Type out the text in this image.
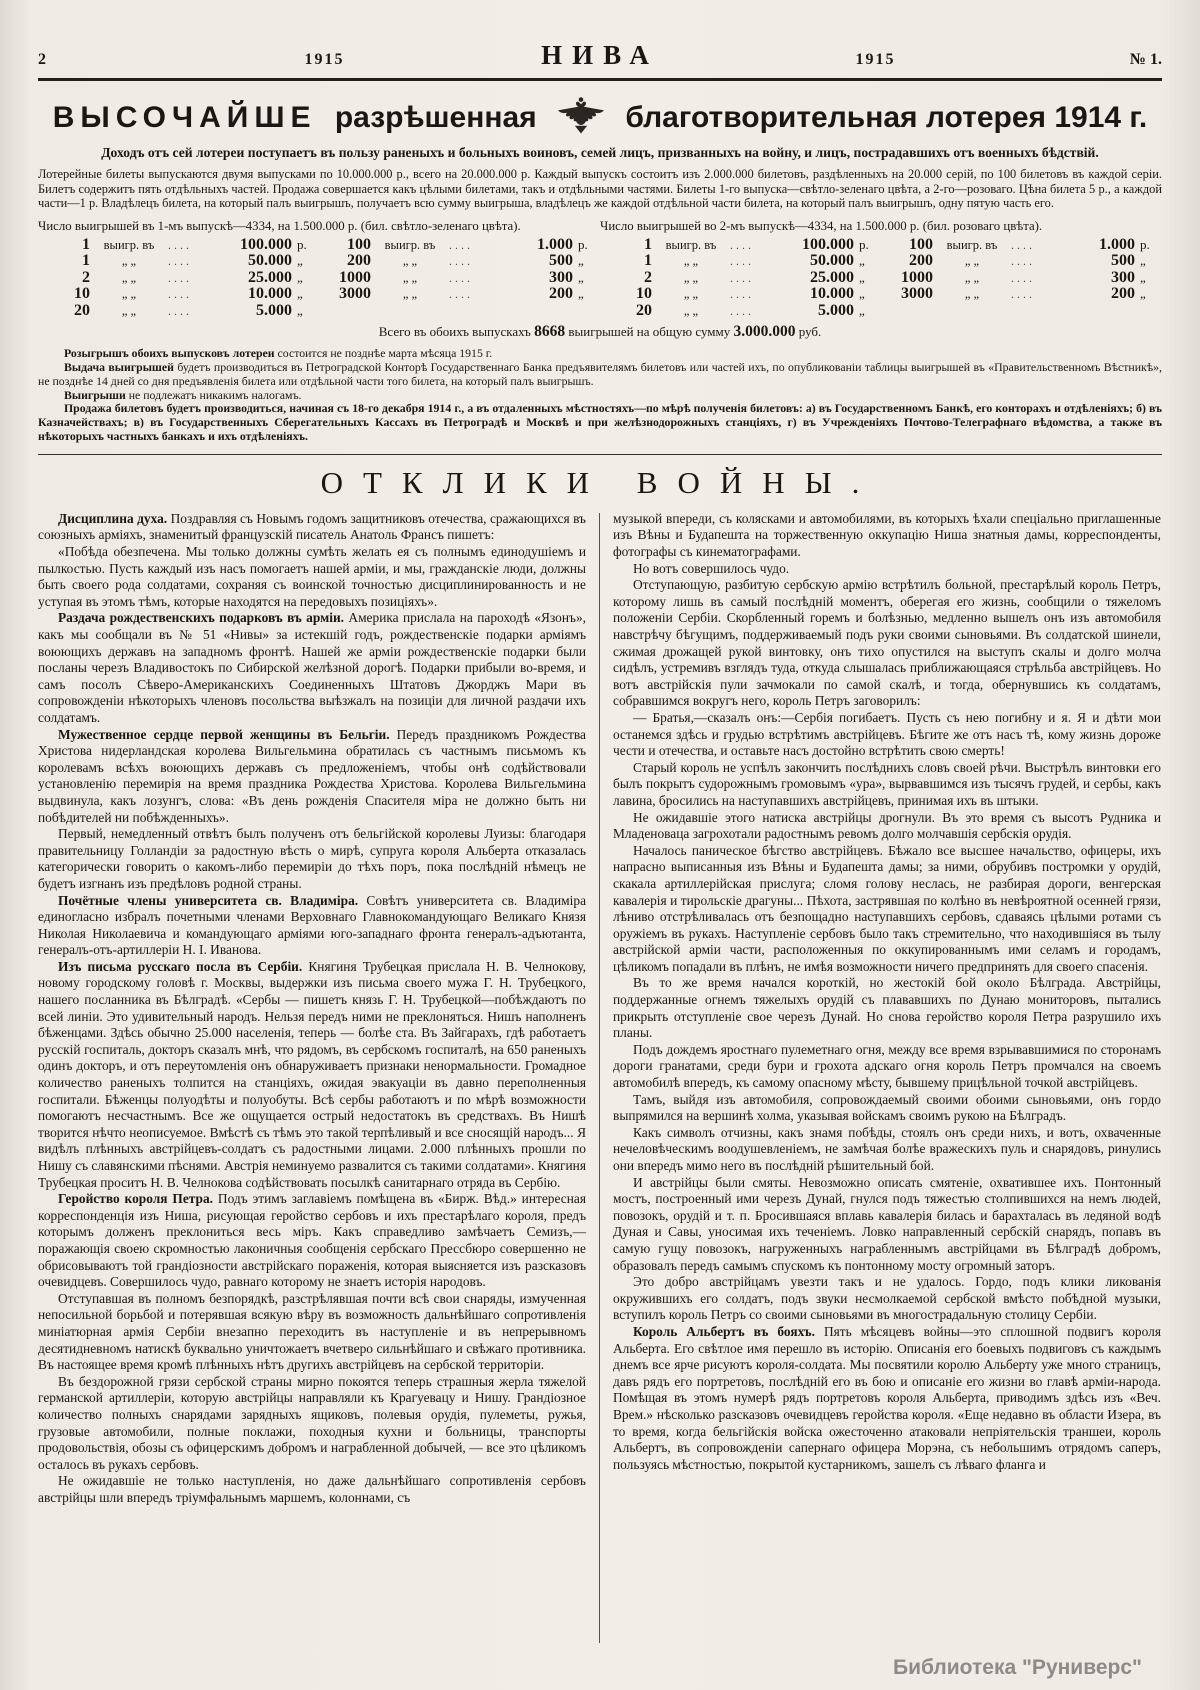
2	1915	НИВА	1915	№ 1.
ВЫСОЧАЙШЕ разрѣшенная	благотворительная лотерея 1914 г.

Доходъ отъ сей лотереи поступаетъ въ пользу раненыхъ и больныхъ воиновъ, семей лицъ, призванныхъ на войну, и лицъ, пострадавшихъ отъ военныхъ бѣдствій.

Лотерейные билеты выпускаются двумя выпусками по 10.000.000 р., всего на 20.000.000 р. Каждый выпускъ состоитъ изъ 2.000.000 билетовъ, раздѣленныхъ на 20.000 серій, по 100 билетовъ въ каждой серіи. Билетъ содержитъ пять отдѣльныхъ частей. Продажа совершается какъ цѣлыми билетами, такъ и отдѣльными частями. Билеты 1-го выпуска—свѣтло-зеленаго цвѣта, а 2-го—розоваго. Цѣна билета 5 р., а каждой части—1 р. Владѣлецъ билета, на который палъ выигрышъ, получаетъ всю сумму выигрыша, владѣлецъ же каждой отдѣльной части билета, на который палъ выигрышъ, одну пятую часть его.

Число выигрышей въ 1-мъ выпускѣ—4334, на 1.500.000 р. (бил. свѣтло-зеленаго цвѣта).	Число выигрышей во 2-мъ выпускѣ—4334, на 1.500.000 р. (бил. розоваго цвѣта).
1	выигр. въ	. . . .	100.000 р.
1	„ „	. . . .	50.000 „
2	„ „	. . . .	25.000 „
10	„ „	. . . .	10.000 „
20	„ „	. . . .	5.000 „
100	выигр. въ	. . . .	1.000 р.
200	„ „	. . . .	500 „
1000	„ „	. . . .	300 „
3000	„ „	. . . .	200 „
1	выигр. въ	. . . .	100.000 р.
1	„ „	. . . .	50.000 „
2	„ „	. . . .	25.000 „
10	„ „	. . . .	10.000 „
20	„ „	. . . .	5.000 „
100	выигр. въ	. . . .	1.000 р.
200	„ „	. . . .	500 „
1000	„ „	. . . .	300 „
3000	„ „	. . . .	200 „

Всего въ обоихъ выпускахъ 8668 выигрышей на общую сумму 3.000.000 руб.

Розыгрышъ обоихъ выпусковъ лотереи состоится не позднѣе марта мѣсяца 1915 г.

Выдача выигрышей будетъ производиться въ Петроградской Конторѣ Государственнаго Банка предъявителямъ билетовъ или частей ихъ, по опубликованіи таблицы выигрышей въ «Правительственномъ Вѣстникѣ», не позднѣе 14 дней со дня предъявленія билета или отдѣльной части того билета, на который палъ выигрышъ.

Выигрыши не подлежатъ никакимъ налогамъ.

Продажа билетовъ будетъ производиться, начиная съ 18-го декабря 1914 г., а въ отдаленныхъ мѣстностяхъ—по мѣрѣ полученія билетовъ: а) въ Государственномъ Банкѣ, его конторахъ и отдѣленіяхъ; б) въ Казначействахъ; в) въ Государственныхъ Сберегательныхъ Кассахъ въ Петроградѣ и Москвѣ и при желѣзнодорожныхъ станціяхъ, г) въ Учрежденіяхъ Почтово-Телеграфнаго вѣдомства, а также въ нѣкоторыхъ частныхъ банкахъ и ихъ отдѣленіяхъ.

ОТКЛИКИ ВОЙНЫ.

Дисциплина духа. Поздравляя съ Новымъ годомъ защитниковъ отечества, сражающихся въ союзныхъ арміяхъ, знаменитый французскій писатель Анатоль Франсъ пишетъ:

«Побѣда обезпечена. Мы только должны сумѣть желать ея съ полнымъ единодушіемъ и пылкостью. Пусть каждый изъ насъ помогаетъ нашей арміи, и мы, гражданскіе люди, должны быть своего рода солдатами, сохраняя съ воинской точностью дисциплинированность и не уступая въ этомъ тѣмъ, которые находятся на передовыхъ позиціяхъ».

Раздача рождественскихъ подарковъ въ арміи. Америка прислала на пароходѣ «Язонъ», какъ мы сообщали въ № 51 «Нивы» за истекшій годъ, рождественскіе подарки арміямъ воюющихъ державъ на западномъ фронтѣ. Нашей же арміи рождественскіе подарки были посланы черезъ Владивостокъ по Сибирской желѣзной дорогѣ. Подарки прибыли во-время, и самъ посолъ Сѣверо-Американскихъ Соединенныхъ Штатовъ Джорджъ Мари въ сопровожденіи нѣкоторыхъ членовъ посольства выѣзжалъ на позиціи для личной раздачи ихъ солдатамъ.

Мужественное сердце первой женщины въ Бельгіи. Передъ праздникомъ Рождества Христова нидерландская королева Вильгельмина обратилась съ частнымъ письмомъ къ королевамъ всѣхъ воюющихъ державъ съ предложеніемъ, чтобы онѣ содѣйствовали установленію перемирія на время праздника Рождества Христова. Королева Вильгельмина выдвинула, какъ лозунгъ, слова: «Въ день рожденія Спасителя міра не должно быть ни побѣдителей ни побѣжденныхъ».

Первый, немедленный отвѣтъ былъ полученъ отъ бельгійской королевы Луизы: благодаря правительницу Голландіи за радостную вѣсть о мирѣ, супруга короля Альберта отказалась категорически говорить о какомъ-либо перемиріи до тѣхъ поръ, пока послѣдній нѣмецъ не будетъ изгнанъ изъ предѣловъ родной страны.

Почётные члены университета св. Владиміра. Совѣтъ университета св. Владиміра единогласно избралъ почетными членами Верховнаго Главнокомандующаго Великаго Князя Николая Николаевича и командующаго арміями юго-западнаго фронта генералъ-адъютанта, генералъ-отъ-артиллеріи Н. І. Иванова.

Изъ письма русскаго посла въ Сербіи. Княгиня Трубецкая прислала Н. В. Челнокову, новому городскому головѣ г. Москвы, выдержки изъ письма своего мужа Г. Н. Трубецкого, нашего посланника въ Бѣлградѣ. «Сербы — пишетъ князь Г. Н. Трубецкой—побѣждаютъ по всей линіи. Это удивительный народъ. Нельзя передъ ними не преклоняться. Нишъ наполненъ бѣженцами. Здѣсь обычно 25.000 населенія, теперь — болѣе ста. Въ Зайгарахъ, гдѣ работаетъ русскій госпиталь, докторъ сказалъ мнѣ, что рядомъ, въ сербскомъ госпиталѣ, на 650 раненыхъ одинъ докторъ, и отъ переутомленія онъ обнаруживаетъ признаки ненормальности. Громадное количество раненыхъ толпится на станціяхъ, ожидая эвакуаціи въ давно переполненныя госпитали. Бѣженцы полуодѣты и полуобуты. Всѣ сербы работаютъ и по мѣрѣ возможности помогаютъ несчастнымъ. Все же ощущается острый недостатокъ въ средствахъ. Въ Нишѣ творится нѣчто неописуемое. Вмѣстѣ съ тѣмъ это такой терпѣливый и все сносящій народъ... Я видѣлъ плѣнныхъ австрійцевъ-солдатъ съ радостными лицами. 2.000 плѣнныхъ прошли по Нишу съ славянскими пѣснями. Австрія неминуемо развалится съ такими солдатами». Княгиня Трубецкая проситъ Н. В. Челнокова содѣйствовать посылкѣ санитарнаго отряда въ Сербію.

Геройство короля Петра. Подъ этимъ заглавіемъ помѣщена въ «Бирж. Вѣд.» интересная корреспонденція изъ Ниша, рисующая геройство сербовъ и ихъ престарѣлаго короля, предъ которымъ долженъ преклониться весь міръ. Какъ справедливо замѣчаетъ Семизъ,—поражающія своею скромностью лаконичныя сообщенія сербскаго Прессбюро совершенно не обрисовываютъ той грандіозности австрійскаго пораженія, которая выясняется изъ разсказовъ очевидцевъ. Совершилось чудо, равнаго которому не знаетъ исторія народовъ.

Отступавшая въ полномъ безпорядкѣ, разстрѣлявшая почти всѣ свои снаряды, измученная непосильной борьбой и потерявшая всякую вѣру въ возможность дальнѣйшаго сопротивленія миніатюрная армія Сербіи внезапно переходитъ въ наступленіе и въ непрерывномъ десятидневномъ натискѣ буквально уничтожаетъ вчетверо сильнѣйшаго и свѣжаго противника. Въ настоящее время кромѣ плѣнныхъ нѣтъ другихъ австрійцевъ на сербской территоріи.

Въ бездорожной грязи сербской страны мирно покоятся теперь страшныя жерла тяжелой германской артиллеріи, которую австрійцы направляли къ Крагуевацу и Нишу. Грандіозное количество полныхъ снарядами зарядныхъ ящиковъ, полевыя орудія, пулеметы, ружья, грузовые автомобили, полные поклажи, походныя кухни и больницы, транспорты продовольствія, обозы съ офицерскимъ добромъ и награбленной добычей, — все это цѣликомъ осталось въ рукахъ сербовъ.

Не ожидавшіе не только наступленія, но даже дальнѣйшаго сопротивленія сербовъ австрійцы шли впередъ тріумфальнымъ маршемъ, колоннами, съ

музыкой впереди, съ колясками и автомобилями, въ которыхъ ѣхали спеціально приглашенные изъ Вѣны и Будапешта на торжественную оккупацію Ниша знатныя дамы, корреспонденты, фотографы съ кинематографами.

Но вотъ совершилось чудо.

Отступающую, разбитую сербскую армію встрѣтилъ больной, престарѣлый король Петръ, которому лишь въ самый послѣдній моментъ, оберегая его жизнь, сообщили о тяжеломъ положеніи Сербіи. Скорбленный горемъ и болѣзнью, медленно вышелъ онъ изъ автомобиля навстрѣчу бѣгущимъ, поддерживаемый подъ руки своими сыновьями. Въ солдатской шинели, сжимая дрожащей рукой винтовку, онъ тихо опустился на выступъ скалы и долго молча сидѣлъ, устремивъ взглядъ туда, откуда слышалась приближающаяся стрѣльба австрійцевъ. Но вотъ австрійскія пули зачмокали по самой скалѣ, и тогда, обернувшись къ солдатамъ, собравшимся вокругъ него, король Петръ заговорилъ:

— Братья,—сказалъ онъ:—Сербія погибаетъ. Пусть съ нею погибну и я. Я и дѣти мои останемся здѣсь и грудью встрѣтимъ австрійцевъ. Бѣгите же отъ насъ тѣ, кому жизнь дороже чести и отечества, и оставьте насъ достойно встрѣтить свою смерть!

Старый король не успѣлъ закончить послѣднихъ словъ своей рѣчи. Выстрѣлъ винтовки его былъ покрытъ судорожнымъ громовымъ «ура», вырвавшимся изъ тысячъ грудей, и сербы, какъ лавина, бросились на наступавшихъ австрійцевъ, принимая ихъ въ штыки.

Не ожидавшіе этого натиска австрійцы дрогнули. Въ это время съ высотъ Рудника и Младеноваца загрохотали радостнымъ ревомъ долго молчавшія сербскія орудія.

Началось паническое бѣгство австрійцевъ. Бѣжало все высшее начальство, офицеры, ихъ напрасно выписанныя изъ Вѣны и Будапешта дамы; за ними, обрубивъ постромки у орудій, скакала артиллерійская прислуга; сломя голову неслась, не разбирая дороги, венгерская кавалерія и тирольскіе драгуны... Пѣхота, застрявшая по колѣно въ невѣроятной осенней грязи, лѣниво отстрѣливалась отъ безпощадно наступавшихъ сербовъ, сдаваясь цѣлыми ротами съ оружіемъ въ рукахъ. Наступленіе сербовъ было такъ стремительно, что находившіяся въ тылу австрійской арміи части, расположенныя по оккупированнымъ ими селамъ и городамъ, цѣликомъ попадали въ плѣнъ, не имѣя возможности ничего предпринять для своего спасенія.

Въ то же время начался короткій, но жестокій бой около Бѣлграда. Австрійцы, поддержанные огнемъ тяжелыхъ орудій съ плававшихъ по Дунаю мониторовъ, пытались прикрыть отступленіе свое черезъ Дунай. Но снова геройство короля Петра разрушило ихъ планы.

Подъ дождемъ яростнаго пулеметнаго огня, между все время взрывавшимися по сторонамъ дороги гранатами, среди бури и грохота адскаго огня король Петръ промчался на своемъ автомобилѣ впередъ, къ самому опасному мѣсту, бывшему прицѣльной точкой австрійцевъ.

Тамъ, выйдя изъ автомобиля, сопровождаемый своими обоими сыновьями, онъ гордо выпрямился на вершинѣ холма, указывая войскамъ своимъ рукою на Бѣлградъ.

Какъ символъ отчизны, какъ знамя побѣды, стоялъ онъ среди нихъ, и вотъ, охваченные нечеловѣческимъ воодушевленіемъ, не замѣчая болѣе вражескихъ пуль и снарядовъ, ринулись они впередъ мимо него въ послѣдній рѣшительный бой.

И австрійцы были смяты. Невозможно описать смятеніе, охватившее ихъ. Понтонный мостъ, построенный ими черезъ Дунай, гнулся подъ тяжестью столпившихся на немъ людей, повозокъ, орудій и т. п. Бросившаяся вплавь кавалерія билась и барахталась въ ледяной водѣ Дуная и Савы, уносимая ихъ теченіемъ. Ловко направленный сербскій снарядъ, попавъ въ самую гущу повозокъ, нагруженныхъ награбленнымъ австрійцами въ Бѣлградѣ добромъ, образовалъ передъ самымъ спускомъ къ понтонному мосту огромный заторъ.

Это добро австрійцамъ увезти такъ и не удалось. Гордо, подъ клики ликованія окружившихъ его солдатъ, подъ звуки несмолкаемой сербской вмѣсто побѣдной музыки, вступилъ король Петръ со своими сыновьями въ многострадальную столицу Сербіи.

Король Альбертъ въ бояхъ. Пять мѣсяцевъ войны—это сплошной подвигъ короля Альберта. Его свѣтлое имя перешло въ исторію. Описанія его боевыхъ подвиговъ съ каждымъ днемъ все ярче рисуютъ короля-солдата. Мы посвятили королю Альберту уже много страницъ, давъ рядъ его портретовъ, послѣдній его въ бою и описаніе его жизни во главѣ арміи-народа. Помѣщая въ этомъ нумерѣ рядъ портретовъ короля Альберта, приводимъ здѣсь изъ «Веч. Врем.» нѣсколько разсказовъ очевидцевъ геройства короля. «Еще недавно въ области Изера, въ то время, когда бельгійскія войска ожесточенно атаковали непріятельскія траншеи, король Альбертъ, въ сопровожденіи сапернаго офицера Морэна, съ небольшимъ отрядомъ саперъ, пользуясь мѣстностью, покрытой кустарникомъ, зашелъ съ лѣваго фланга и

Библиотека "Руниверс"
